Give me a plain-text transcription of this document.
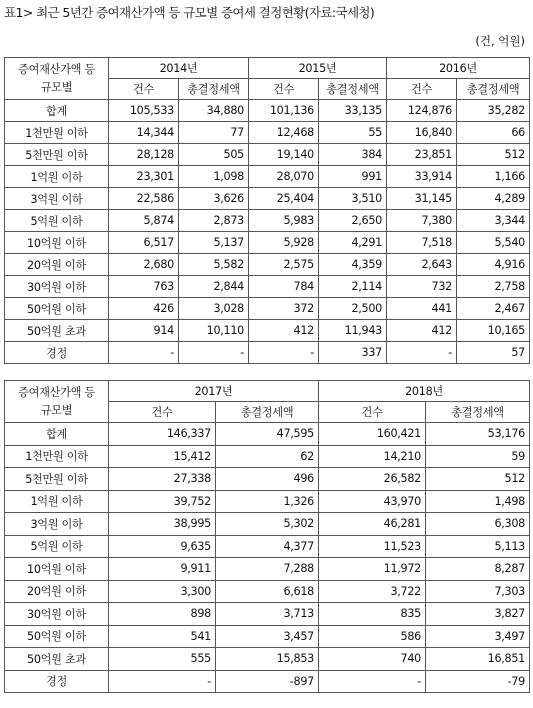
표1> 최근 5년간 증여재산가액 등 규모별 증여세 결정현황(자료:국세청)
(건, 억원)
증여재산가액 등
규모별	2014년		2015년		2016년	
	건수	총결정세액	건수	총결정세액	건수	총결정세액
합계	105,533	34,880	101,136	33,135	124,876	35,282
1천만원 이하	14,344	77	12,468	55	16,840	66
5천만원 이하	28,128	505	19,140	384	23,851	512
1억원 이하	23,301	1,098	28,070	991	33,914	1,166
3억원 이하	22,586	3,626	25,404	3,510	31,145	4,289
5억원 이하	5,874	2,873	5,983	2,650	7,380	3,344
10억원 이하	6,517	5,137	5,928	4,291	7,518	5,540
20억원 이하	2,680	5,582	2,575	4,359	2,643	4,916
30억원 이하	763	2,844	784	2,114	732	2,758
50억원 이하	426	3,028	372	2,500	441	2,467
50억원 초과	914	10,110	412	11,943	412	10,165
경정	-	-	-	337	-	57
증여재산가액 등
규모별	2017년		2018년	
	건수	총결정세액	건수	총결정세액
합계	146,337	47,595	160,421	53,176
1천만원 이하	15,412	62	14,210	59
5천만원 이하	27,338	496	26,582	512
1억원 이하	39,752	1,326	43,970	1,498
3억원 이하	38,995	5,302	46,281	6,308
5억원 이하	9,635	4,377	11,523	5,113
10억원 이하	9,911	7,288	11,972	8,287
20억원 이하	3,300	6,618	3,722	7,303
30억원 이하	898	3,713	835	3,827
50억원 이하	541	3,457	586	3,497
50억원 초과	555	15,853	740	16,851
경정	-	-897	-	-79
